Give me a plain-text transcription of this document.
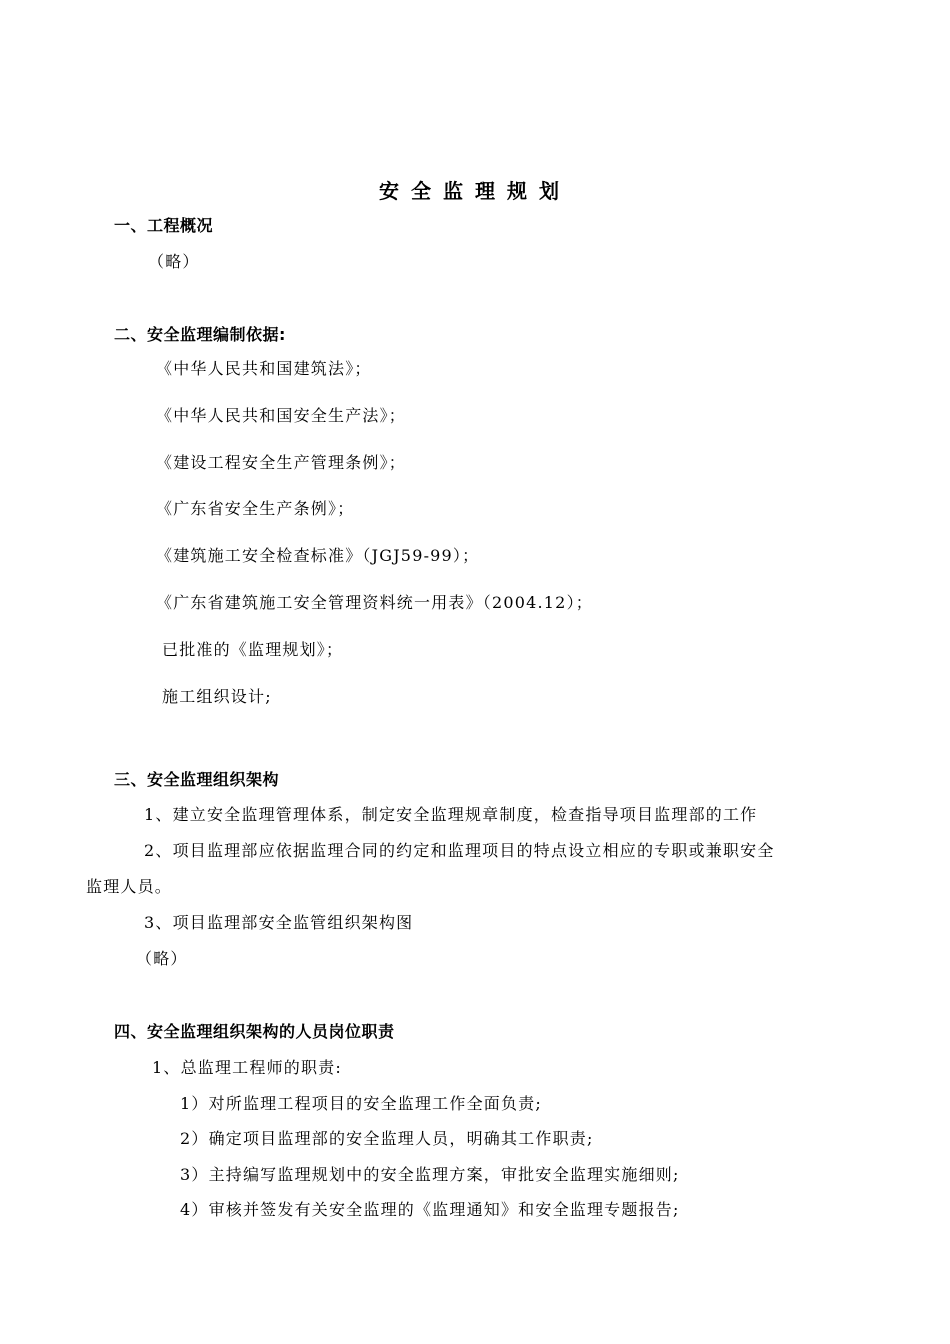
安全监理规划
一、工程概况
（略）
二、安全监理编制依据:
《中华人民共和国建筑法》；
《中华人民共和国安全生产法》；
《建设工程安全生产管理条例》；
《广东省安全生产条例》；
《建筑施工安全检查标准》（JGJ59-99）；
《广东省建筑施工安全管理资料统一用表》（2004.12）；
已批准的《监理规划》；
施工组织设计;
三、安全监理组织架构
1、建立安全监理管理体系，制定安全监理规章制度，检查指导项目监理部的工作
2、项目监理部应依据监理合同的约定和监理项目的特点设立相应的专职或兼职安全
监理人员。
3、项目监理部安全监管组织架构图
（略）
四、安全监理组织架构的人员岗位职责
1、总监理工程师的职责:
1）对所监理工程项目的安全监理工作全面负责;
2）确定项目监理部的安全监理人员，明确其工作职责;
3）主持编写监理规划中的安全监理方案，审批安全监理实施细则;
4）审核并签发有关安全监理的《监理通知》和安全监理专题报告;
